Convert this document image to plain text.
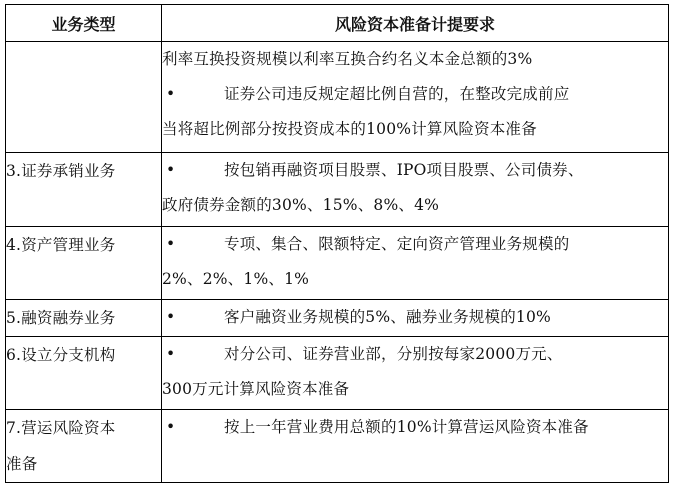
业务类型	风险资本准备计提要求

	利率互换投资规模以利率互换合约名义本金总额的3%
• 证券公司违反规定超比例自营的，在整改完成前应
当将超比例部分按投资成本的100%计算风险资本准备

3.证券承销业务	• 按包销再融资项目股票、IPO项目股票、公司债券、
政府债券金额的30%、15%、8%、4%

4.资产管理业务	• 专项、集合、限额特定、定向资产管理业务规模的
2%、2%、1%、1%

5.融资融券业务	• 客户融资业务规模的5%、融券业务规模的10%

6.设立分支机构	• 对分公司、证券营业部，分别按每家2000万元、
300万元计算风险资本准备

7.营运风险资本
准备	• 按上一年营业费用总额的10%计算营运风险资本准备
